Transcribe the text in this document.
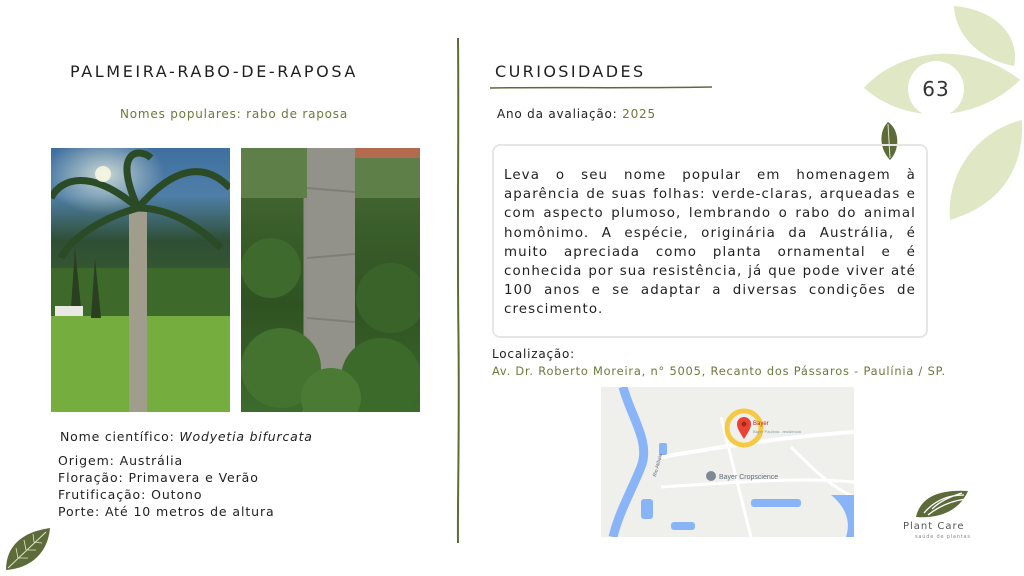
63
PALMEIRA-RABO-DE-RAPOSA
Nomes populares: rabo de raposa
Nome científico: Wodyetia bifurcata
Origem: Austrália
Floração: Primavera e Verão
Frutificação: Outono
Porte: Até 10 metros de altura
CURIOSIDADES
Ano da avaliação: 2025

Leva o seu nome popular em homenagem à aparência de suas folhas: verde-claras, arqueadas e com aspecto plumoso, lembrando o rabo do animal homônimo. A espécie, originária da Austrália, é muito apreciada como planta ornamental e é conhecida por sua resistência, já que pode viver até 100 anos e se adaptar a diversas condições de crescimento.

Localização:
Av. Dr. Roberto Moreira, n° 5005, Recanto dos Pássaros - Paulínia / SP.
Bayer
Bayer Paulínia - residencia
Bayer Cropscience
Rio Atibaia
Plant Care
saúde de plantas
